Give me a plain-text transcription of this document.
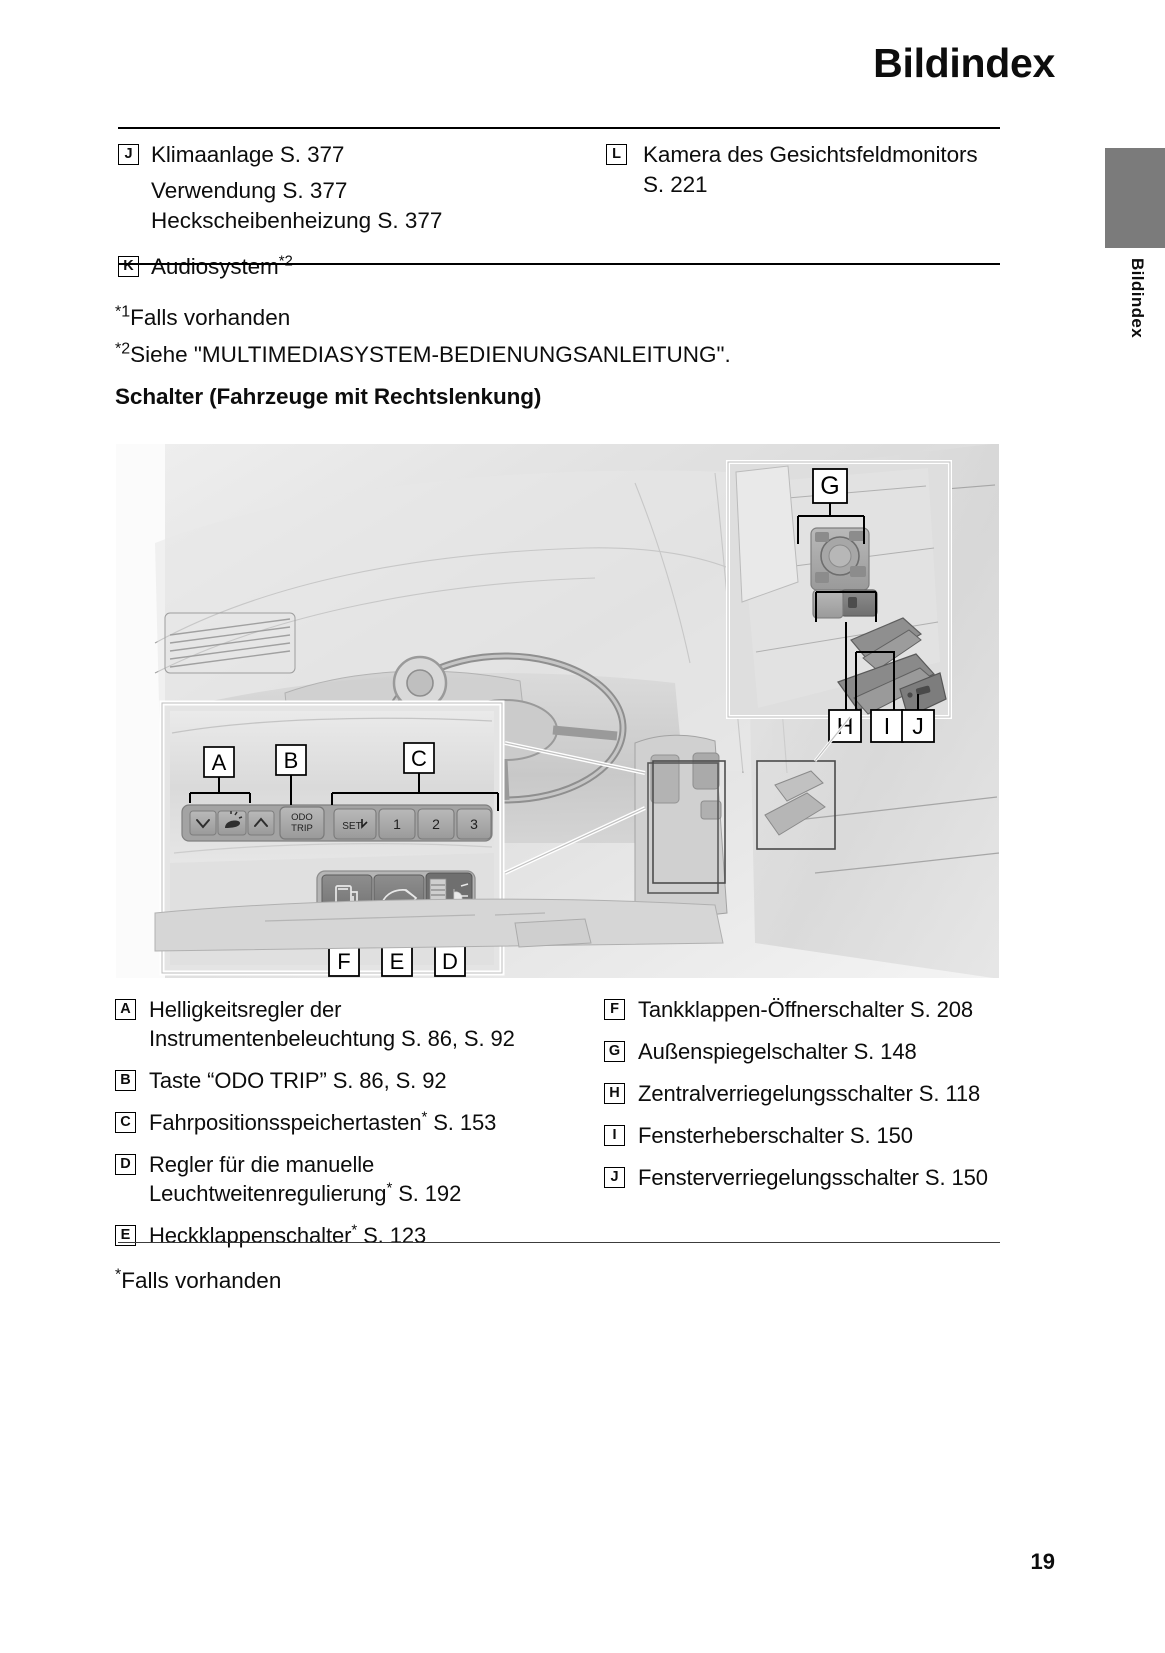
Bildindex
Bildindex
J Klimaanlage S. 377
Verwendung S. 377
Heckscheibenheizung S. 377
K Audiosystem$^{*2}$
L Kamera des Gesichtsfeldmonitors S. 221
$^{*1}$Falls vorhanden
$^{*2}$Siehe "MULTIMEDIASYSTEM-BEDIENUNGSANLEITUNG".
Schalter (Fahrzeuge mit Rechtslenkung)
G
H I J
ODO
TRIP	SET 1 2 3
A	B	C
F E D
A Helligkeitsregler der Instrumentenbeleuchtung S. 86, S. 92
B Taste “ODO TRIP” S. 86, S. 92
C Fahrpositionsspeichertasten* S. 153
D Regler für die manuelle Leuchtweitenregulierung* S. 192
E Heckklappenschalter* S. 123
F Tankklappen-Öffnerschalter S. 208
G Außenspiegelschalter S. 148
H Zentralverriegelungsschalter S. 118
I Fensterheberschalter S. 150
J Fensterverriegelungsschalter S. 150
*Falls vorhanden
19
